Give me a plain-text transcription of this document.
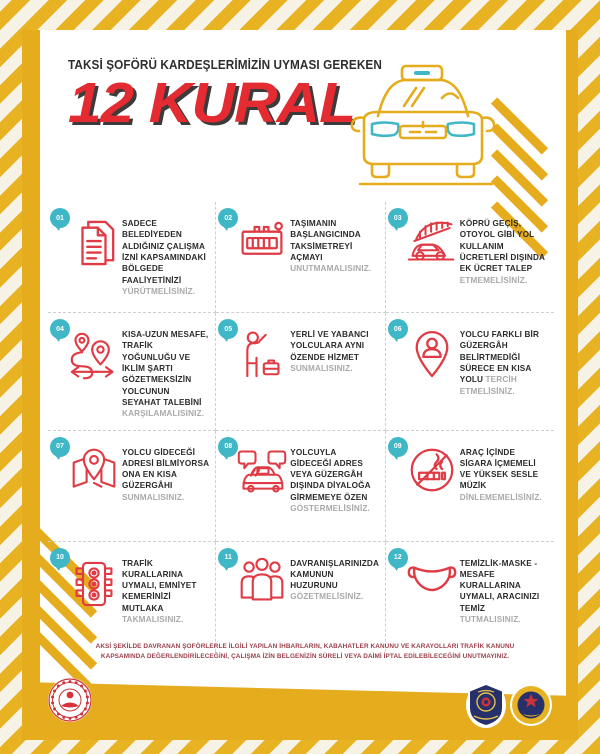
TAKSİ ŞOFÖRÜ KARDEŞLERİMİZİN UYMASI GEREKEN
12 KURAL
01
SADECE BELEDİYEDEN ALDIĞINIZ ÇALIŞMA İZNİ KAPSAMINDAKİ BÖLGEDE FAALİYETİNİZİ YÜRÜTMELİSİNİZ.
02
TAŞIMANIN BAŞLANGICINDA TAKSİMETREYİ AÇMAYI UNUTMAMALISINIZ.
03
KÖPRÜ GEÇİŞ, OTOYOL GİBİ YOL KULLANIM ÜCRETLERİ DIŞINDA EK ÜCRET TALEP ETMEMELİSİNİZ.
04
KISA-UZUN MESAFE, TRAFİK YOĞUNLUĞU VE İKLİM ŞARTI GÖZETMEKSİZİN YOLCUNUN SEYAHAT TALEBİNİ KARŞILAMALISINIZ.
05
YERLİ VE YABANCI YOLCULARA AYNI ÖZENDE HİZMET SUNMALISINIZ.
06
YOLCU FARKLI BİR GÜZERGÂH BELİRTMEDİĞİ SÜRECE EN KISA YOLU TERCİH ETMELİSİNİZ.
07
YOLCU GİDECEĞİ ADRESİ BİLMİYORSA ONA EN KISA GÜZERGÂHI SUNMALISINIZ.
08
YOLCUYLA GİDECEĞİ ADRES VEYA GÜZERGÂH DIŞINDA DİYALOĞA GİRMEMEYE ÖZEN GÖSTERMELİSİNİZ.
09
ARAÇ İÇİNDE SİGARA İÇMEMELİ VE YÜKSEK SESLE MÜZİK DİNLEMEMELİSİNİZ.
10
TRAFİK KURALLARINA UYMALI, EMNİYET KEMERİNİZİ MUTLAKA TAKMALISINIZ.
11
DAVRANIŞLARINIZDA KAMUNUN HUZURUNU GÖZETMELİSİNİZ.
12
TEMİZLİK-MASKE -MESAFE KURALLARINA UYMALI, ARACINIZI TEMİZ TUTMALISINIZ.
AKSİ ŞEKİLDE DAVRANAN ŞOFÖRLERLE İLGİLİ YAPILAN İHBARLARIN, KABAHATLER KANUNU VE KARAYOLLARI TRAFİK KANUNU KAPSAMINDA DEĞERLENDİRİLECEĞİNİ, ÇALIŞMA İZİN BELGENİZİN SÜRELİ VEYA DAİMİ İPTAL EDİLEBİLECEĞİNİ UNUTMAYINIZ.
